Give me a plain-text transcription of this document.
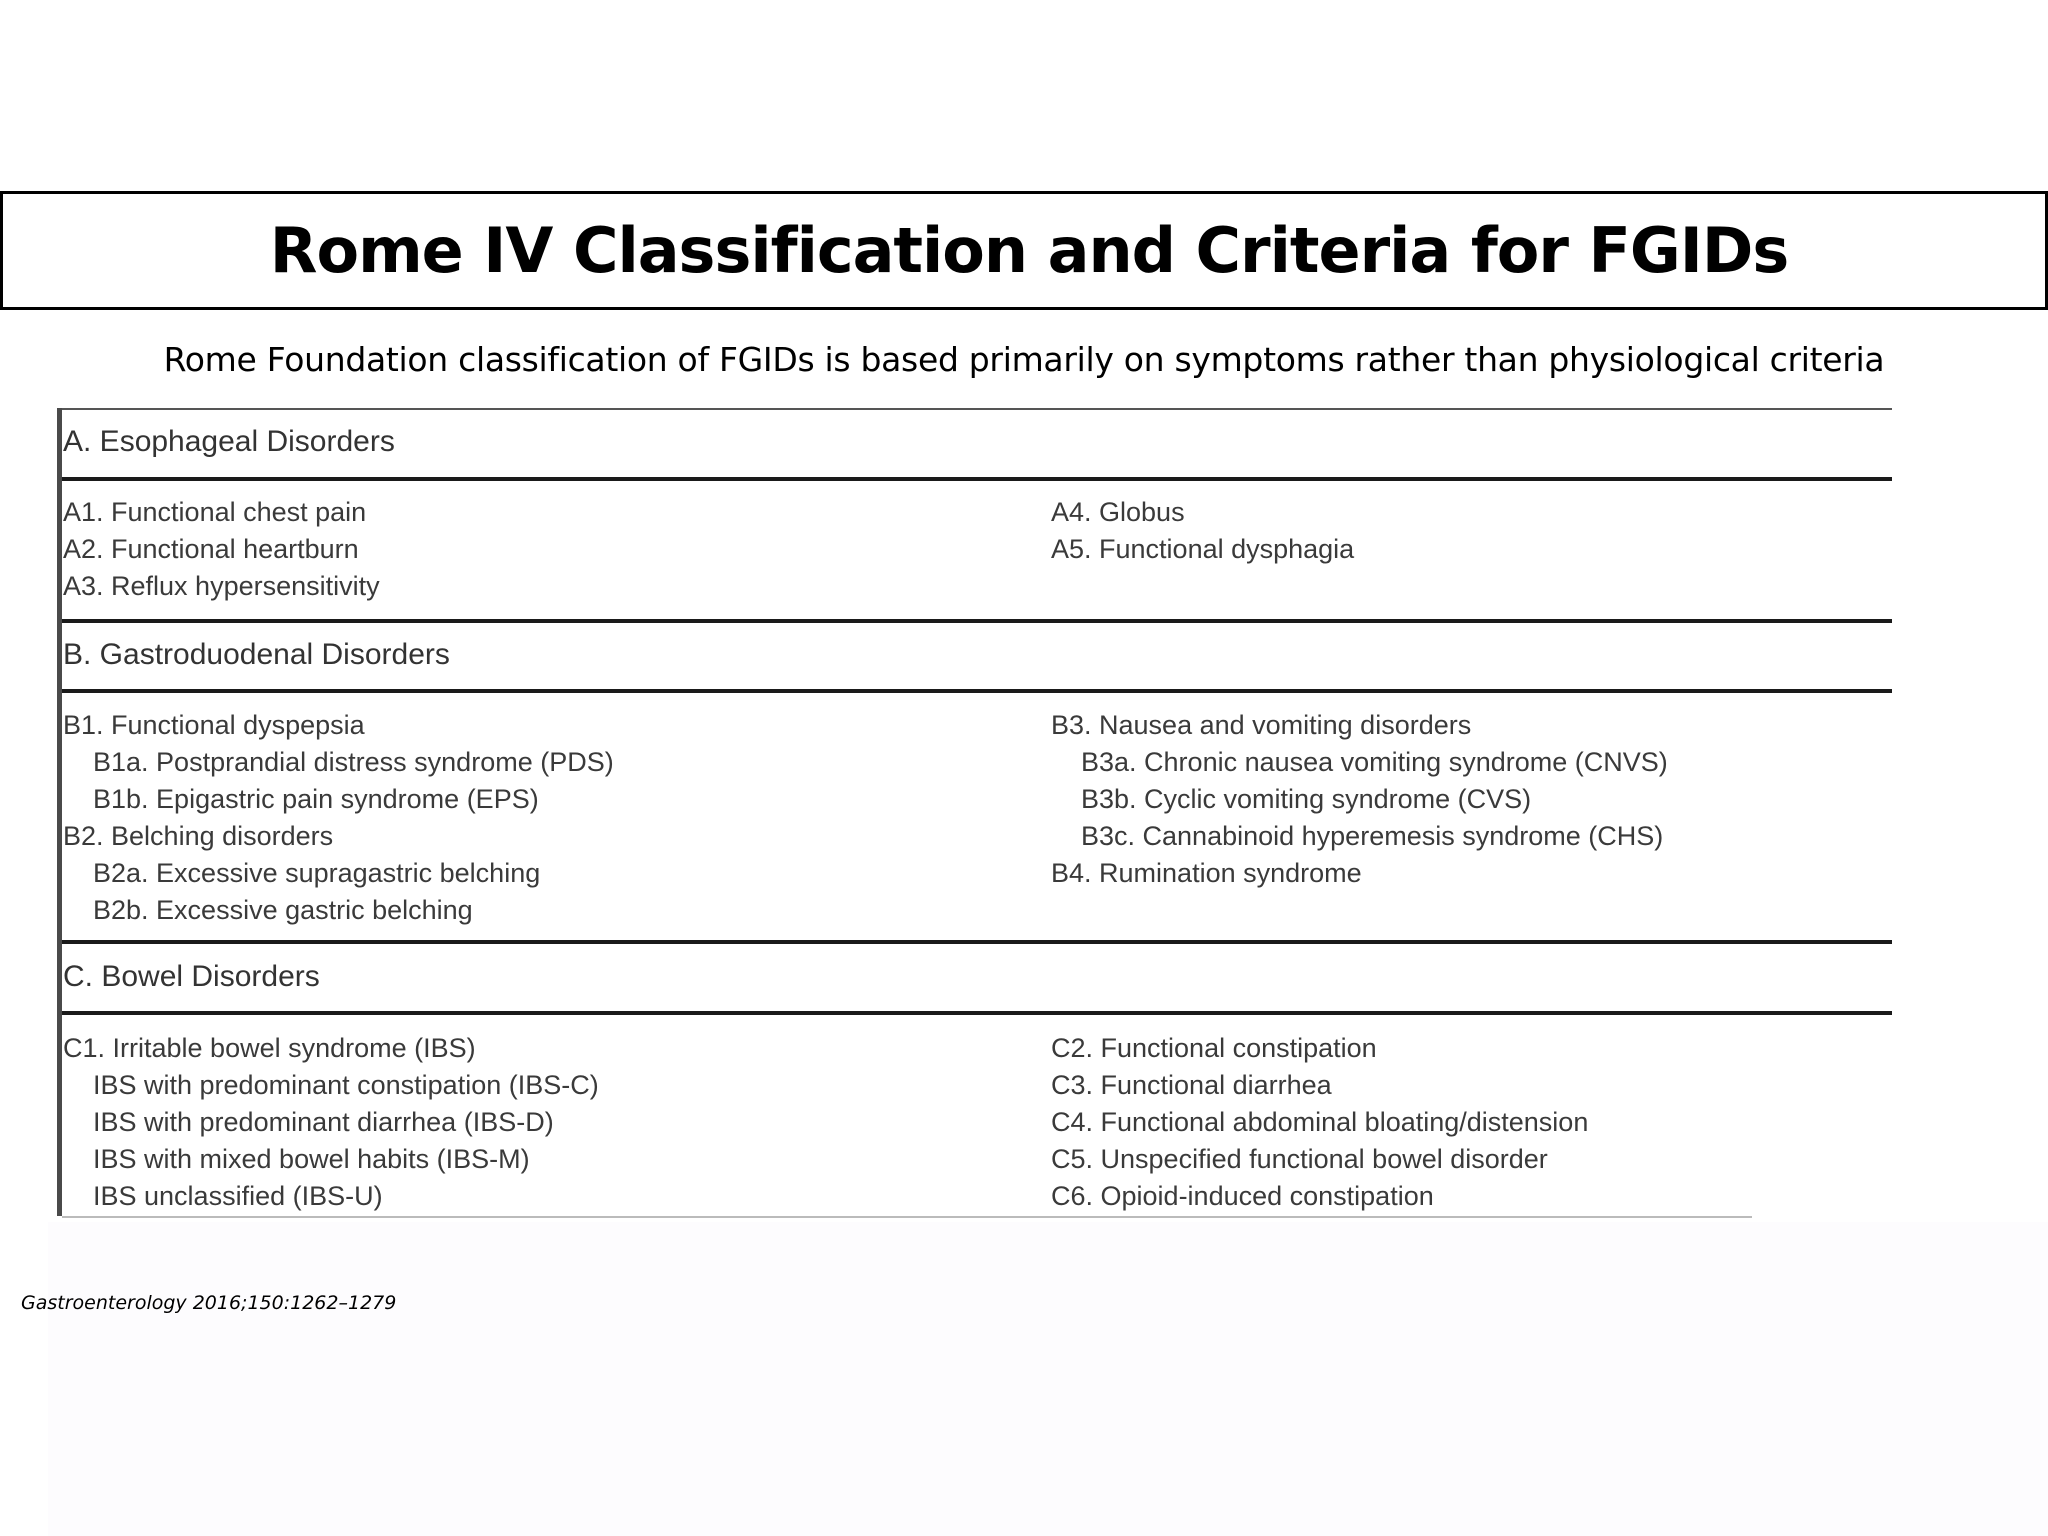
Rome IV Classification and Criteria for FGIDs

Rome Foundation classification of FGIDs is based primarily on symptoms rather than physiological criteria

A. Esophageal Disorders
A1. Functional chest pain
A2. Functional heartburn
A3. Reflux hypersensitivity
A4. Globus
A5. Functional dysphagia
B. Gastroduodenal Disorders
B1. Functional dyspepsia
B1a. Postprandial distress syndrome (PDS)
B1b. Epigastric pain syndrome (EPS)
B2. Belching disorders
B2a. Excessive supragastric belching
B2b. Excessive gastric belching
B3. Nausea and vomiting disorders
B3a. Chronic nausea vomiting syndrome (CNVS)
B3b. Cyclic vomiting syndrome (CVS)
B3c. Cannabinoid hyperemesis syndrome (CHS)
B4. Rumination syndrome
C. Bowel Disorders
C1. Irritable bowel syndrome (IBS)
IBS with predominant constipation (IBS-C)
IBS with predominant diarrhea (IBS-D)
IBS with mixed bowel habits (IBS-M)
IBS unclassified (IBS-U)
C2. Functional constipation
C3. Functional diarrhea
C4. Functional abdominal bloating/distension
C5. Unspecified functional bowel disorder
C6. Opioid-induced constipation

Gastroenterology 2016;150:1262–1279
